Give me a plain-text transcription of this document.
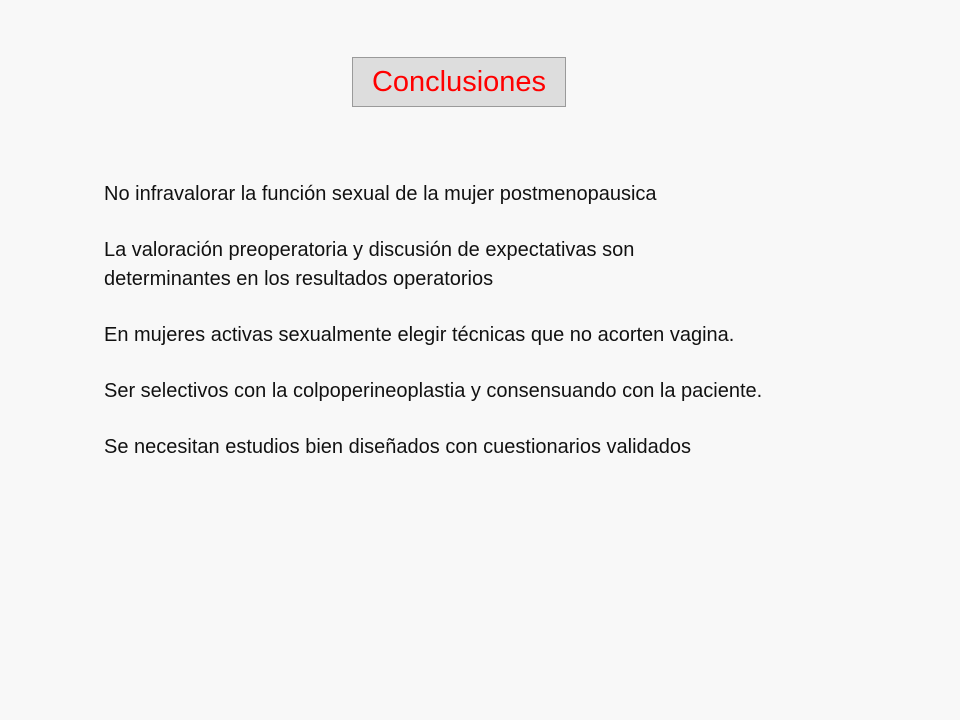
Conclusiones

No infravalorar la función sexual de la mujer postmenopausica

La valoración preoperatoria y discusión de expectativas son
determinantes en los resultados operatorios

En mujeres activas sexualmente elegir técnicas que no acorten vagina.

Ser selectivos con la colpoperineoplastia y consensuando con la paciente.

Se necesitan estudios bien diseñados con cuestionarios validados
